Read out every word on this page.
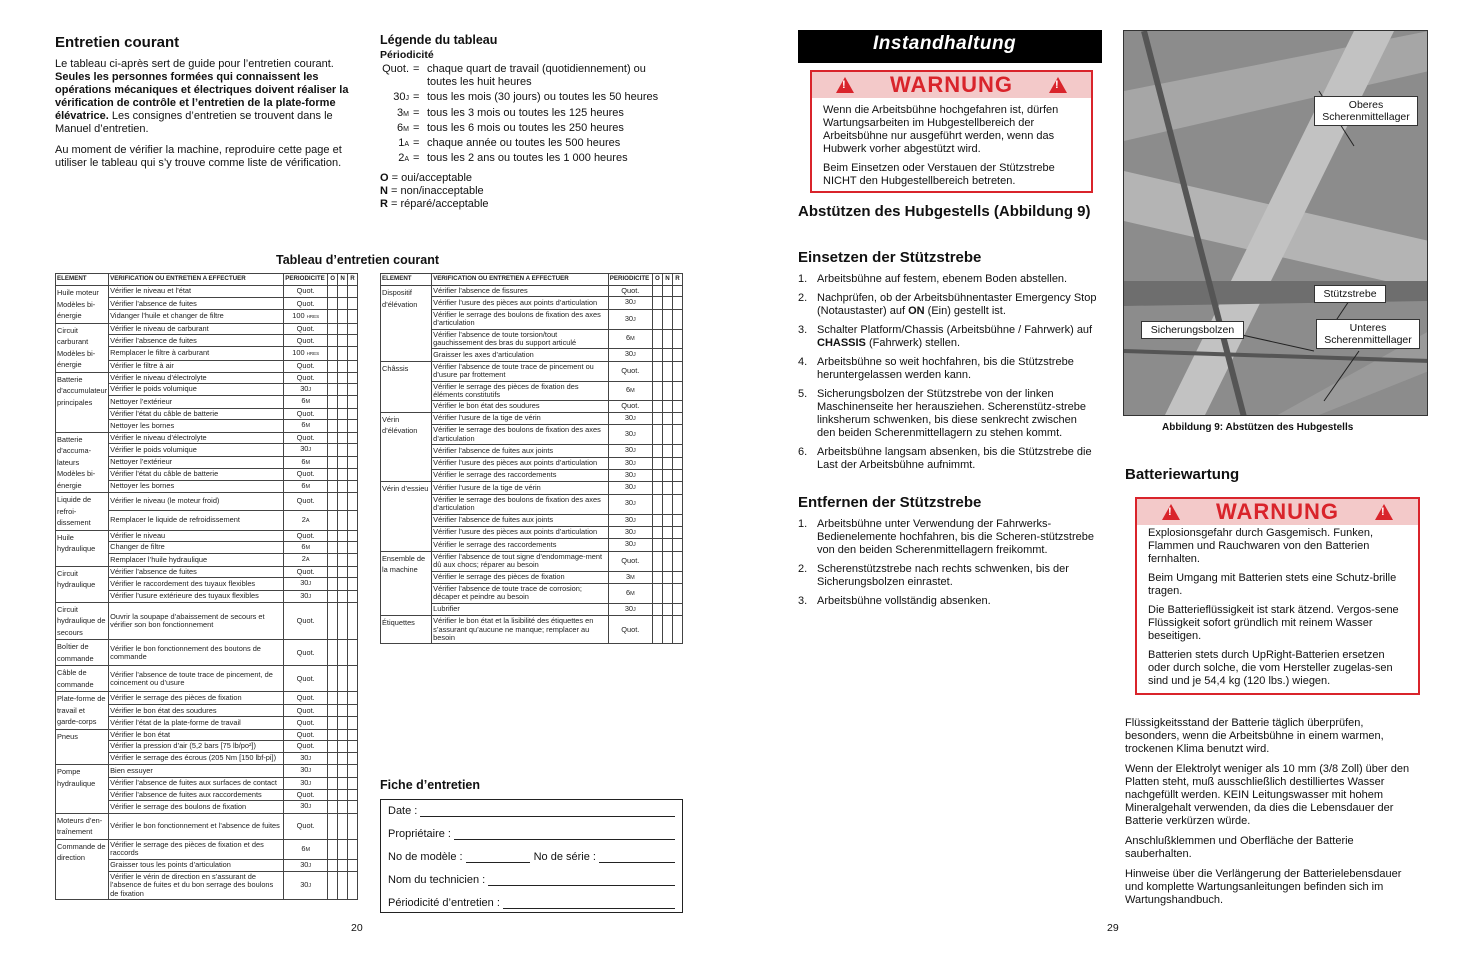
Entretien courant
Le tableau ci-après sert de guide pour l’entretien courant. Seules les personnes formées qui connaissent les opérations mécaniques et électriques doivent réaliser la vérification de contrôle et l’entretien de la plate-forme élévatrice. Les consignes d’entretien se trouvent dans le Manuel d’entretien.
Au moment de vérifier la machine, reproduire cette page et utiliser le tableau qui s’y trouve comme liste de vérification.
Légende du tableau
Périodicité
Quot. = chaque quart de travail (quotidiennement) ou toutes les huit heures
30J = tous les mois (30 jours) ou toutes les 50 heures
3M = tous les 3 mois ou toutes les 125 heures
6M = tous les 6 mois ou toutes les 250 heures
1A = chaque année ou toutes les 500 heures
2A = tous les 2 ans ou toutes les 1 000 heures
O = oui/acceptable
N = non/inacceptable
R = réparé/acceptable
Tableau d’entretien courant
ELEMENT	VERIFICATION OU ENTRETIEN A EFFECTUER	PERIODICITE	O	N	R
Huile moteur Modèles bi-énergie	Vérifier le niveau et l’état	Quot.			
	Vérifier l’absence de fuites	Quot.			
	Vidanger l’huile et changer de filtre	100 HRES			
Circuit carburant Modèles bi-énergie	Vérifier le niveau de carburant	Quot.			
	Vérifier l’absence de fuites	Quot.			
	Remplacer le filtre à carburant	100 HRES			
	Vérifier le filtre à air	Quot.			
Batterie d’accumulateur principales	Vérifier le niveau d’électrolyte	Quot.			
	Vérifier le poids volumique	30J			
	Nettoyer l’extérieur	6M			
	Vérifier l’état du câble de batterie	Quot.			
	Nettoyer les bornes	6M			
Batterie d’accuma-lateurs Modèles bi-énergie	Vérifier le niveau d’électrolyte	Quot.			
	Vérifier le poids volumique	30J			
	Nettoyer l’extérieur	6M			
	Vérifier l’état du câble de batterie	Quot.			
	Nettoyer les bornes	6M			
Liquide de refroi-dissement	Vérifier le niveau (le moteur froid)	Quot.			
	Remplacer le liquide de refroidissement	2A			
Huile hydraulique	Vérifier le niveau	Quot.			
	Changer de filtre	6M			
	Remplacer l’huile hydraulique	2A			
Circuit hydraulique	Vérifier l’absence de fuites	Quot.			
	Vérifier le raccordement des tuyaux flexibles	30J			
	Vérifier l’usure extérieure des tuyaux flexibles	30J			
Circuit hydraulique de secours	Ouvrir la soupape d’abaissement de secours et vérifier son bon fonctionnement	Quot.			
Boîtier de commande	Vérifier le bon fonctionnement des boutons de commande	Quot.			
Câble de commande	Vérifier l’absence de toute trace de pincement, de coincement ou d’usure	Quot.			
Plate-forme de travail et garde-corps	Vérifier le serrage des pièces de fixation	Quot.			
	Vérifier le bon état des soudures	Quot.			
	Vérifier l’état de la plate-forme de travail	Quot.			
Pneus	Vérifier le bon état	Quot.			
	Vérifier la pression d’air (5,2 bars [75 lb/po²])	Quot.			
	Vérifier le serrage des écrous (205 Nm [150 lbf-pi])	30J			
Pompe hydraulique	Bien essuyer	30J			
	Vérifier l’absence de fuites aux surfaces de contact	30J			
	Vérifier l’absence de fuites aux raccordements	Quot.			
	Vérifier le serrage des boulons de fixation	30J			
Moteurs d’en-traînement	Vérifier le bon fonctionnement et l’absence de fuites	Quot.			
Commande de direction	Vérifier le serrage des pièces de fixation et des raccords	6M			
	Graisser tous les points d’articulation	30J			
	Vérifier le vérin de direction en s’assurant de l’absence de fuites et du bon serrage des boulons de fixation	30J			
ELEMENT	VERIFICATION OU ENTRETIEN A EFFECTUER	PERIODICITE	O	N	R
Dispositif d’élévation	Vérifier l’absence de fissures	Quot.			
	Vérifier l’usure des pièces aux points d’articulation	30J			
	Vérifier le serrage des boulons de fixation des axes d’articulation	30J			
	Vérifier l’absence de toute torsion/tout gauchissement des bras du support articulé	6M			
	Graisser les axes d’articulation	30J			
Châssis	Vérifier l’absence de toute trace de pincement ou d’usure par frottement	Quot.			
	Vérifier le serrage des pièces de fixation des éléments constitutifs	6M			
	Vérifier le bon état des soudures	Quot.			
Vérin d’élévation	Vérifier l’usure de la tige de vérin	30J			
	Vérifier le serrage des boulons de fixation des axes d’articulation	30J			
	Vérifier l’absence de fuites aux joints	30J			
	Vérifier l’usure des pièces aux points d’articulation	30J			
	Vérifier le serrage des raccordements	30J			
Vérin d’essieu	Vérifier l’usure de la tige de vérin	30J			
	Vérifier le serrage des boulons de fixation des axes d’articulation	30J			
	Vérifier l’absence de fuites aux joints	30J			
	Vérifier l’usure des pièces aux points d’articulation	30J			
	Vérifier le serrage des raccordements	30J			
Ensemble de la machine	Vérifier l’absence de tout signe d’endommage-ment dû aux chocs; réparer au besoin	Quot.			
	Vérifier le serrage des pièces de fixation	3M			
	Vérifier l’absence de toute trace de corrosion; décaper et peindre au besoin	6M			
	Lubrifier	30J			
Étiquettes	Vérifier le bon état et la lisibilité des étiquettes en s’assurant qu’aucune ne manque; remplacer au besoin	Quot.			
Fiche d’entretien
Date :
Propriétaire :
No de modèle :	No de série :
Nom du technicien :
Périodicité d’entretien :
20
Instandhaltung
! WARNUNG	!

Wenn die Arbeitsbühne hochgefahren ist, dürfen Wartungsarbeiten im Hubgestellbereich der Arbeitsbühne nur ausgeführt werden, wenn das Hubwerk vorher abgestützt wird.

Beim Einsetzen oder Verstauen der Stützstrebe NICHT den Hubgestellbereich betreten.

Abstützen des Hubgestells (Abbildung 9)
Einsetzen der Stützstrebe
1. Arbeitsbühne auf festem, ebenem Boden abstellen.
2. Nachprüfen, ob der Arbeitsbühnentaster Emergency Stop (Notaustaster) auf ON (Ein) gestellt ist.
3. Schalter Platform/Chassis (Arbeitsbühne / Fahrwerk) auf CHASSIS (Fahrwerk) stellen.
4. Arbeitsbühne so weit hochfahren, bis die Stützstrebe heruntergelassen werden kann.
5. Sicherungsbolzen der Stützstrebe von der linken Maschinenseite her herausziehen. Scherenstütz-strebe linksherum schwenken, bis diese senkrecht zwischen den beiden Scherenmittellagern zu stehen kommt.
6. Arbeitsbühne langsam absenken, bis die Stützstrebe die Last der Arbeitsbühne aufnimmt.
Entfernen der Stützstrebe
1. Arbeitsbühne unter Verwendung der Fahrwerks-Bedienelemente hochfahren, bis die Scheren-stützstrebe von den beiden Scherenmittellagern freikommt.
2. Scherenstützstrebe nach rechts schwenken, bis der Sicherungsbolzen einrastet.
3. Arbeitsbühne vollständig absenken.
Oberes Scherenmittellager
Stützstrebe
Sicherungsbolzen	Unteres Scherenmittellager
Abbildung 9: Abstützen des Hubgestells
Batteriewartung
! WARNUNG	!

Explosionsgefahr durch Gasgemisch. Funken, Flammen und Rauchwaren von den Batterien fernhalten.

Beim Umgang mit Batterien stets eine Schutz-brille tragen.

Die Batterieflüssigkeit ist stark ätzend. Vergos-sene Flüssigkeit sofort gründlich mit reinem Wasser beseitigen.

Batterien stets durch UpRight-Batterien ersetzen oder durch solche, die vom Hersteller zugelas-sen sind und je 54,4 kg (120 lbs.) wiegen.

Flüssigkeitsstand der Batterie täglich überprüfen, besonders, wenn die Arbeitsbühne in einem warmen, trockenen Klima benutzt wird.

Wenn der Elektrolyt weniger als 10 mm (3/8 Zoll) über den Platten steht, muß ausschließlich destilliertes Wasser nachgefüllt werden. KEIN Leitungswasser mit hohem Mineralgehalt verwenden, da dies die Lebensdauer der Batterie verkürzen würde.

Anschlußklemmen und Oberfläche der Batterie sauberhalten.

Hinweise über die Verlängerung der Batterielebensdauer und komplette Wartungsanleitungen befinden sich im Wartungshandbuch.

29
